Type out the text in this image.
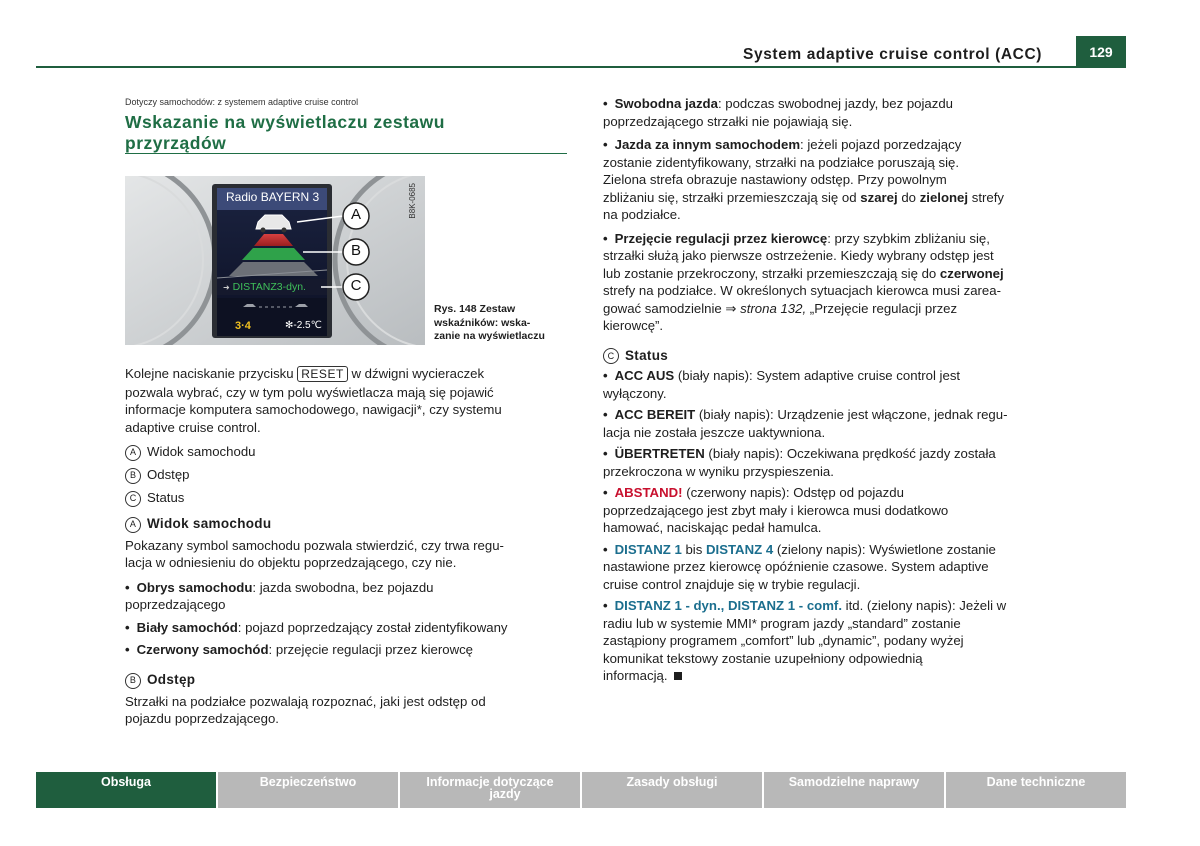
System adaptive cruise control (ACC)	129
Dotyczy samochodów: z systemem adaptive cruise control
Wskazanie na wyświetlaczu zestawu
przyrządów
Radio BAYERN 3
A
B
C
➜ DISTANZ3-dyn.
3·4	✻-2.5℃
B8K-0685
Rys. 148 Zestaw
wskaźników: wska-
zanie na wyświetlaczu
Kolejne naciskanie przycisku RESET w dźwigni wycieraczek
pozwala wybrać, czy w tym polu wyświetlacza mają się pojawić
informacje komputera samochodowego, nawigacji*, czy systemu
adaptive cruise control.
A Widok samochodu
B Odstęp
C Status
A Widok samochodu
Pokazany symbol samochodu pozwala stwierdzić, czy trwa regu-
lacja w odniesieniu do objektu poprzedzającego, czy nie.
• Obrys samochodu: jazda swobodna, bez pojazdu
poprzedzającego
• Biały samochód: pojazd poprzedzający został zidentyfikowany
• Czerwony samochód: przejęcie regulacji przez kierowcę
B Odstęp
Strzałki na podziałce pozwalają rozpoznać, jaki jest odstęp od
pojazdu poprzedzającego.
• Swobodna jazda: podczas swobodnej jazdy, bez pojazdu
poprzedzającego strzałki nie pojawiają się.
• Jazda za innym samochodem: jeżeli pojazd porzedzający
zostanie zidentyfikowany, strzałki na podziałce poruszają się.
Zielona strefa obrazuje nastawiony odstęp. Przy powolnym
zbliżaniu się, strzałki przemieszczają się od szarej do zielonej strefy
na podziałce.
• Przejęcie regulacji przez kierowcę: przy szybkim zbliżaniu się,
strzałki służą jako pierwsze ostrzeżenie. Kiedy wybrany odstęp jest
lub zostanie przekroczony, strzałki przemieszczają się do czerwonej
strefy na podziałce. W określonych sytuacjach kierowca musi zarea-
gować samodzielnie ⇒ strona 132, „Przejęcie regulacji przez
kierowcę”.
C Status
• ACC AUS (biały napis): System adaptive cruise control jest
wyłączony.
• ACC BEREIT (biały napis): Urządzenie jest włączone, jednak regu-
lacja nie została jeszcze uaktywniona.
• ÜBERTRETEN (biały napis): Oczekiwana prędkość jazdy została
przekroczona w wyniku przyspieszenia.
• ABSTAND! (czerwony napis): Odstęp od pojazdu
poprzedzającego jest zbyt mały i kierowca musi dodatkowo
hamować, naciskając pedał hamulca.
• DISTANZ 1 bis DISTANZ 4 (zielony napis): Wyświetlone zostanie
nastawione przez kierowcę opóźnienie czasowe. System adaptive
cruise control znajduje się w trybie regulacji.
• DISTANZ 1 - dyn., DISTANZ 1 - comf. itd. (zielony napis): Jeżeli w
radiu lub w systemie MMI* program jazdy „standard” zostanie
zastąpiony programem „comfort” lub „dynamic”, podany wyżej
komunikat tekstowy zostanie uzupełniony odpowiednią
informacją.
Obsługa	Bezpieczeństwo	Informacje dotyczące
jazdy
Zasady obsługi	Samodzielne naprawy	Dane techniczne
